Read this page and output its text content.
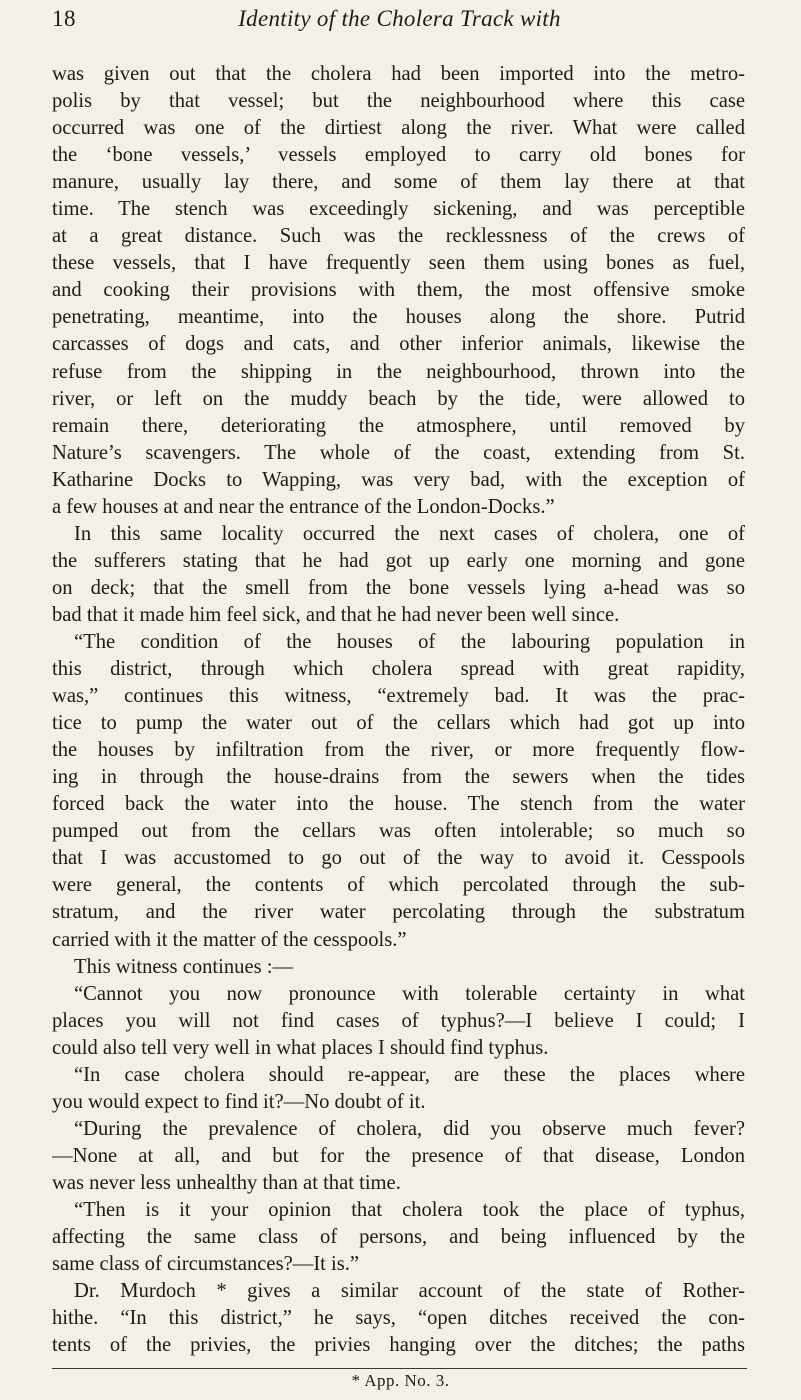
18	Identity of the Cholera Track with
was given out that the cholera had been imported into the metro-
polis by that vessel; but the neighbourhood where this case
occurred was one of the dirtiest along the river. What were called
the ‘bone vessels,’ vessels employed to carry old bones for
manure, usually lay there, and some of them lay there at that
time. The stench was exceedingly sickening, and was perceptible
at a great distance. Such was the recklessness of the crews of
these vessels, that I have frequently seen them using bones as fuel,
and cooking their provisions with them, the most offensive smoke
penetrating, meantime, into the houses along the shore. Putrid
carcasses of dogs and cats, and other inferior animals, likewise the
refuse from the shipping in the neighbourhood, thrown into the
river, or left on the muddy beach by the tide, were allowed to
remain there, deteriorating the atmosphere, until removed by
Nature’s scavengers. The whole of the coast, extending from St.
Katharine Docks to Wapping, was very bad, with the exception of
a few houses at and near the entrance of the London-Docks.”
In this same locality occurred the next cases of cholera, one of
the sufferers stating that he had got up early one morning and gone
on deck; that the smell from the bone vessels lying a-head was so
bad that it made him feel sick, and that he had never been well since.
“The condition of the houses of the labouring population in
this district, through which cholera spread with great rapidity,
was,” continues this witness, “extremely bad. It was the prac-
tice to pump the water out of the cellars which had got up into
the houses by infiltration from the river, or more frequently flow-
ing in through the house-drains from the sewers when the tides
forced back the water into the house. The stench from the water
pumped out from the cellars was often intolerable; so much so
that I was accustomed to go out of the way to avoid it. Cesspools
were general, the contents of which percolated through the sub-
stratum, and the river water percolating through the substratum
carried with it the matter of the cesspools.”
This witness continues :—
“Cannot you now pronounce with tolerable certainty in what
places you will not find cases of typhus?—I believe I could; I
could also tell very well in what places I should find typhus.
“In case cholera should re-appear, are these the places where
you would expect to find it?—No doubt of it.
“During the prevalence of cholera, did you observe much fever?
—None at all, and but for the presence of that disease, London
was never less unhealthy than at that time.
“Then is it your opinion that cholera took the place of typhus,
affecting the same class of persons, and being influenced by the
same class of circumstances?—It is.”
Dr. Murdoch * gives a similar account of the state of Rother-
hithe. “In this district,” he says, “open ditches received the con-
tents of the privies, the privies hanging over the ditches; the paths
* App. No. 3.
